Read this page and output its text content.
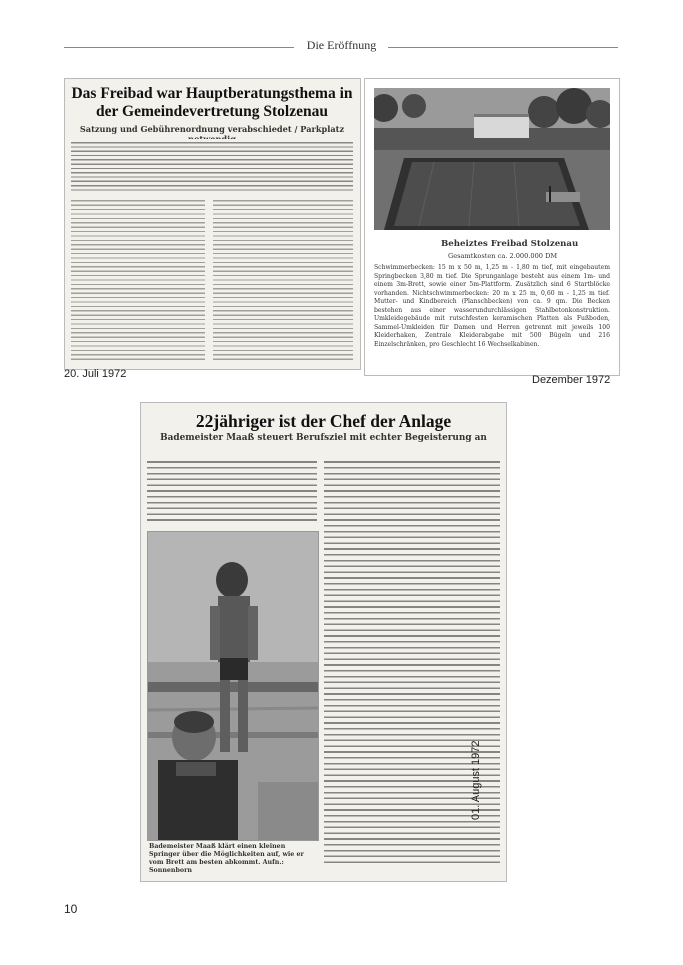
Die Eröffnung
Das Freibad war Hauptberatungsthema in der Gemeindevertretung Stolzenau
Satzung und Gebührenordnung verabschiedet / Parkplatz
20. Juli 1972
Beheiztes Freibad Stolzenau
Gesamtkosten ca. 2.000.000 DM
Schwimmerbecken: 15 m x 50 m, 1,25 m - 1,80 m tief, mit eingebautem Springbecken 3,80 m tief. Die Sprunganlage besteht aus einem 1m- und einem 3m-Brett, sowie einer 5m-Plattform. Zusätzlich sind 6 Startblöcke vorhanden. Nichtschwimmerbecken: 20 m x 25 m, 0,60 m - 1,25 m tief. Mutter- und Kindbereich (Planschbecken) von ca. 9 qm. Die Becken bestehen aus einer wasserundurchlässigen Stahlbetonkonstruktion. Umkleidegebäude mit rutschfesten keramischen Platten als Fußboden, Sammel-Umkleiden für Damen und Herren getrennt mit jeweils 100 Kleiderhaken, Zentrale Kleiderabgabe mit 500 Bügeln und 216 Einzelschränken, pro Geschlecht 16 Wechselkabinen.
Dezember 1972
22jähriger ist der Chef der Anlage
Bademeister Maaß steuert Berufsziel mit echter Begeisterung an
Bademeister Maaß klärt einen kleinen Springer über die Möglichkeiten auf, wie er vom Brett am besten abkommt. Aufn.: Sonnenborn
01. August 1972
10
